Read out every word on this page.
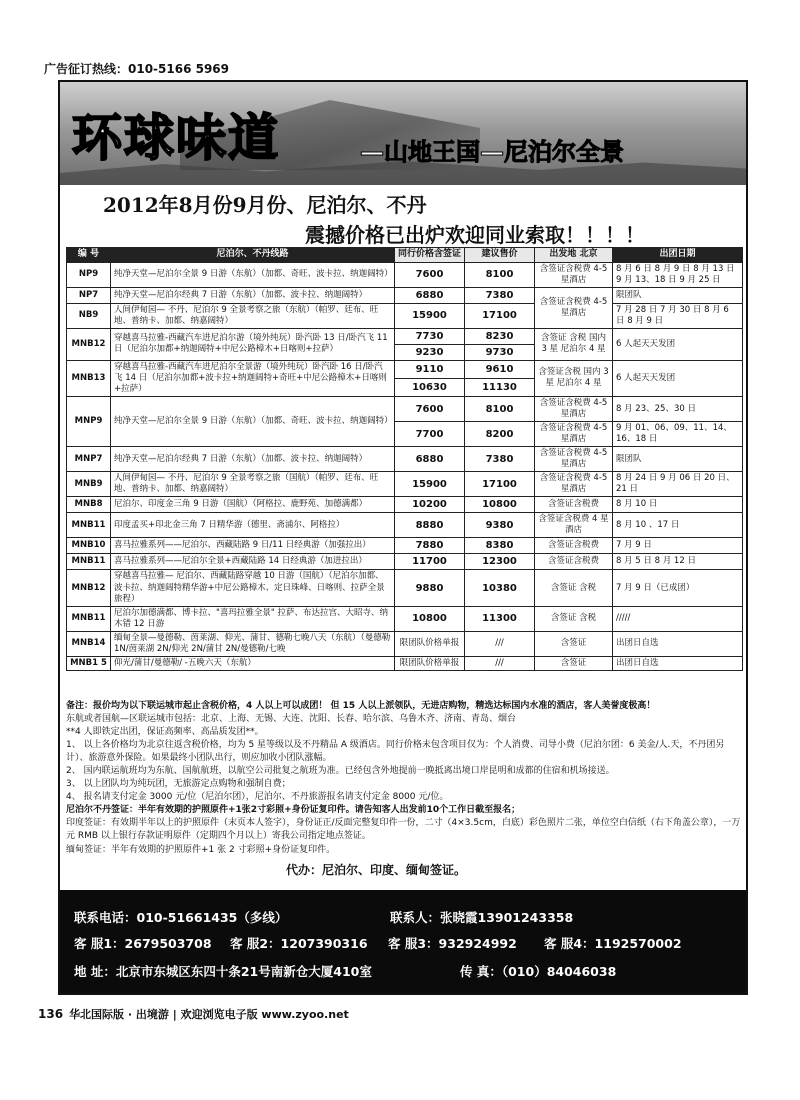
广告征订热线：010-5166 5969
环球味道	—山地王国—尼泊尔全景
2012年8月份9月份、尼泊尔、不丹
震撼价格已出炉欢迎同业索取！！！！
编 号	尼泊尔、不丹线路	同行价格含签证	建议售价	出发地 北京	出团日期
NP9	纯净天堂—尼泊尔全景 9 日游（东航）（加都、奇旺、波卡拉、纳迦阔特）	7600	8100	含签证含税费 4-5 星酒店	8 月 6 日 8 月 9 日 8 月 13 日 9 月 13、18 日 9 月 25 日
NP7	纯净天堂—尼泊尔经典 7 日游（东航）（加都、波卡拉、纳迦阔特）	6880	7380	含签证含税费 4-5 星酒店	限团队
NB9	人间伊甸园— 不丹、尼泊尔 9 全景考察之旅（东航）（帕罗、廷布、旺地、普纳卡、加都、纳嘉阔特）	15900	17100		7 月 28 日 7 月 30 日 8 月 6 日 8 月 9 日
MNB12	穿越喜马拉雅-西藏汽车进尼泊尔游（境外纯玩）卧汽卧 13 日/卧汽飞 11 日（尼泊尔加都+纳迦阔特+中尼公路樟木+日喀则+拉萨）	7730	8230	含签证 含税 国内 3 星 尼泊尔 4 星	6 人起天天发团
		9230	9730		
MNB13	穿越喜马拉雅-西藏汽车进尼泊尔全景游（境外纯玩）卧汽卧 16 日/卧汽飞 14 日（尼泊尔加都+波卡拉+纳迦阔特+奇旺+中尼公路樟木+日喀则+拉萨）	9110	9610	含签证含税 国内 3 星 尼泊尔 4 星	6 人起天天发团
		10630	11130		
MNP9	纯净天堂—尼泊尔全景 9 日游（东航）（加都、奇旺、波卡拉、纳迦阔特）	7600	8100	含签证含税费 4-5 星酒店	8 月 23、25、30 日
		7700	8200	含签证含税费 4-5 星酒店	9 月 01、06、09、11、14、16、18 日
MNP7	纯净天堂—尼泊尔经典 7 日游（东航）（加都、波卡拉、纳迦阔特）	6880	7380	含签证含税费 4-5 星酒店	限团队
MNB9	人间伊甸园— 不丹、尼泊尔 9 全景考察之旅（国航）（帕罗、廷布、旺地、普纳卡、加都、纳嘉阔特）	15900	17100	含签证含税费 4-5 星酒店	8 月 24 日 9 月 06 日 20 日、21 日
MNB8	尼泊尔、印度金三角 9 日游（国航）（阿格拉、鹿野苑、加德满都）	10200	10800	含签证含税费	8 月 10 日
MNB11	印度孟买+印北金三角 7 日精华游（德里、斋浦尔、阿格拉）	8880	9380	含签证含税费 4 星酒店	8 月 10 、17 日
MNB10	喜马拉雅系列——尼泊尔、西藏陆路 9 日/11 日经典游（加强拉出）	7880	8380	含签证含税费	7 月 9 日
MNB11	喜马拉雅系列——尼泊尔全景+西藏陆路 14 日经典游（加进拉出）	11700	12300	含签证含税费	8 月 5 日 8 月 12 日
MNB12	穿越喜马拉雅— 尼泊尔、西藏陆路穿越 10 日游（国航）（尼泊尔加都、波卡拉、纳迦阔特精华游+中尼公路樟木、定日珠峰、日喀则、拉萨全景旅程）	9880	10380	含签证 含税	7 月 9 日（已成团）
MNB11	尼泊尔加德满都、博卡拉、"喜玛拉雅全景" 拉萨、布达拉宫、大昭寺、纳木错 12 日游	10800	11300	含签证 含税	/////
MNB14	缅甸全景—曼德勒、茵莱湖、仰光、蒲甘、德勒七晚八天（东航）（曼德勒 1N/茵莱湖 2N/仰光 2N/蒲甘 2N/曼德勒/七晚	限团队价格单报	///	含签证	出团日自选
MNB1 5	仰光/蒲甘/曼德勒/ -五晚六天（东航）	限团队价格单报	///	含签证	出团日自选
备注：报价均为以下联运城市起止含税价格，4 人以上可以成团！ 但 15 人以上派领队，无进店购物，精选达标国内水准的酒店，客人美誉度极高！
东航或者国航—区联运城市包括：北京、上海、无锡、大连、沈阳、长春、哈尔滨、乌鲁木齐、济南、青岛、烟台
**4 人即铁定出团，保证高频率、高品质发团**。
1、 以上各价格均为北京往返含税价格，均为 5 星等级以及不丹精品 A 级酒店。同行价格未包含项目仅为：个人消费、司导小费（尼泊尔团：6 美金/人.天，不丹团另计）、旅游意外保险。如果最终小团队出行，则应加收小团队涨幅。
2、 国内联运航班均为东航、国航航班，以航空公司批复之航班为准。已经包含外地提前一晚抵离出境口岸昆明和成都的住宿和机场接送。
3、 以上团队均为纯玩团，无旅游定点购物和强制自费；
4、 报名请支付定金 3000 元/位（尼泊尔团），尼泊尔、不丹旅游报名请支付定金 8000 元/位。
尼泊尔不丹签证：半年有效期的护照原件+1张2寸彩照+身份证复印件。请告知客人出发前10个工作日截至报名；
印度签证：有效期半年以上的护照原件（末页本人签字），身份证正/反面完整复印件一份，二寸（4×3.5cm，白底）彩色照片二张，单位空白信纸（右下角盖公章），一万元 RMB 以上银行存款证明原件（定期四个月以上）寄我公司指定地点签证。
缅甸签证：半年有效期的护照原件+1 张 2 寸彩照+身份证复印件。
代办：尼泊尔、印度、缅甸签证。
联系电话：010-51661435（多线）	联系人：张晓霞13901243358
客 服1：2679503708 客 服2：1207390316 客 服3：932924992 客 服4：1192570002
地 址：北京市东城区东四十条21号南新仓大厦410室	传 真：（010）84046038
136 华北国际版 · 出境游 | 欢迎浏览电子版 www.zyoo.net
